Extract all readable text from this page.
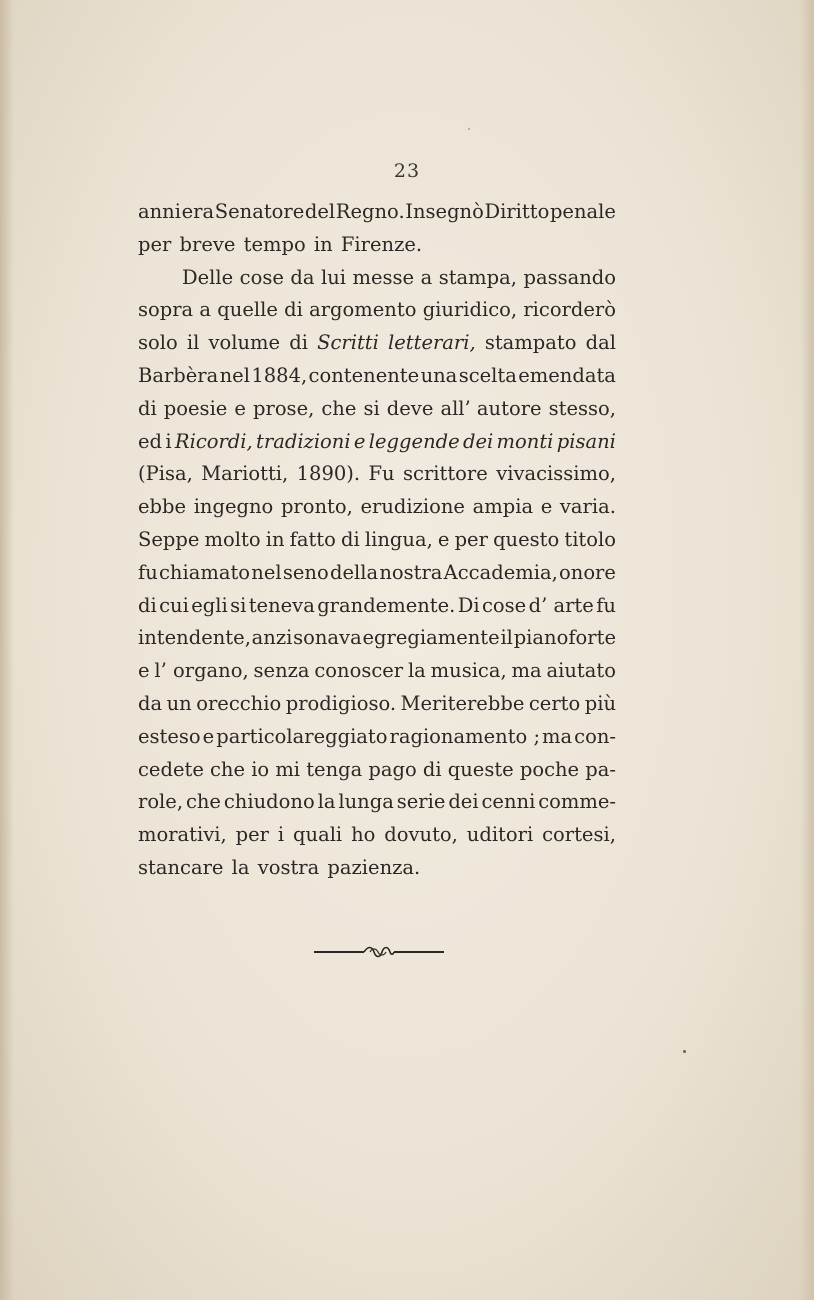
23
anni era Senatore del Regno. Insegnò Diritto penale
per breve tempo in Firenze.
Delle cose da lui messe a stampa, passando
sopra a quelle di argomento giuridico, ricorderò
solo il volume di Scritti letterari, stampato dal
Barbèra nel 1884, contenente una scelta emendata
di poesie e prose, che si deve all’ autore stesso,
ed i Ricordi, tradizioni e leggende dei monti pisani
(Pisa, Mariotti, 1890). Fu scrittore vivacissimo,
ebbe ingegno pronto, erudizione ampia e varia.
Seppe molto in fatto di lingua, e per questo titolo
fu chiamato nel seno della nostra Accademia, onore
di cui egli si teneva grandemente. Di cose d’ arte fu
intendente, anzi sonava egregiamente il pianoforte
e l’ organo, senza conoscer la musica, ma aiutato
da un orecchio prodigioso. Meriterebbe certo più
esteso e particolareggiato ragionamento ; ma con-
cedete che io mi tenga pago di queste poche pa-
role, che chiudono la lunga serie dei cenni comme-
morativi, per i quali ho dovuto, uditori cortesi,
stancare la vostra pazienza.
